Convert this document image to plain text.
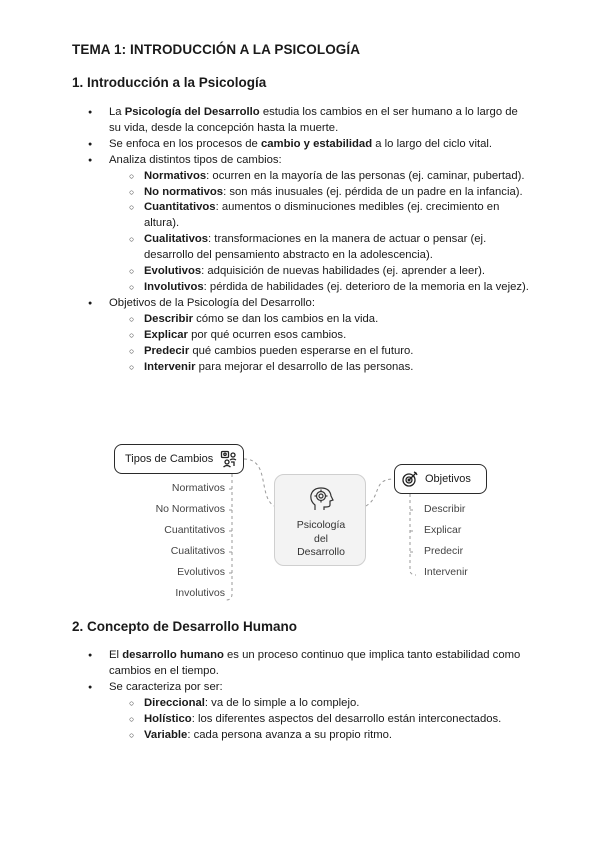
TEMA 1: INTRODUCCIÓN A LA PSICOLOGÍA
1. Introducción a la Psicología
● La Psicología del Desarrollo estudia los cambios en el ser humano a lo largo de su vida, desde la concepción hasta la muerte.
● Se enfoca en los procesos de cambio y estabilidad a lo largo del ciclo vital.
● Analiza distintos tipos de cambios:
○ Normativos: ocurren en la mayoría de las personas (ej. caminar, pubertad).
○ No normativos: son más inusuales (ej. pérdida de un padre en la infancia).
○ Cuantitativos: aumentos o disminuciones medibles (ej. crecimiento en altura).
○ Cualitativos: transformaciones en la manera de actuar o pensar (ej. desarrollo del pensamiento abstracto en la adolescencia).
○ Evolutivos: adquisición de nuevas habilidades (ej. aprender a leer).
○ Involutivos: pérdida de habilidades (ej. deterioro de la memoria en la vejez).
● Objetivos de la Psicología del Desarrollo:
○ Describir cómo se dan los cambios en la vida.
○ Explicar por qué ocurren esos cambios.
○ Predecir qué cambios pueden esperarse en el futuro.
○ Intervenir para mejorar el desarrollo de las personas.
Tipos de Cambios
Psicología
del
Desarrollo
Objetivos
Normativos
No Normativos
Cuantitativos
Cualitativos
Evolutivos
Involutivos
Describir
Explicar
Predecir
Intervenir
2. Concepto de Desarrollo Humano
● El desarrollo humano es un proceso continuo que implica tanto estabilidad como cambios en el tiempo.
● Se caracteriza por ser:
○ Direccional: va de lo simple a lo complejo.
○ Holístico: los diferentes aspectos del desarrollo están interconectados.
○ Variable: cada persona avanza a su propio ritmo.
